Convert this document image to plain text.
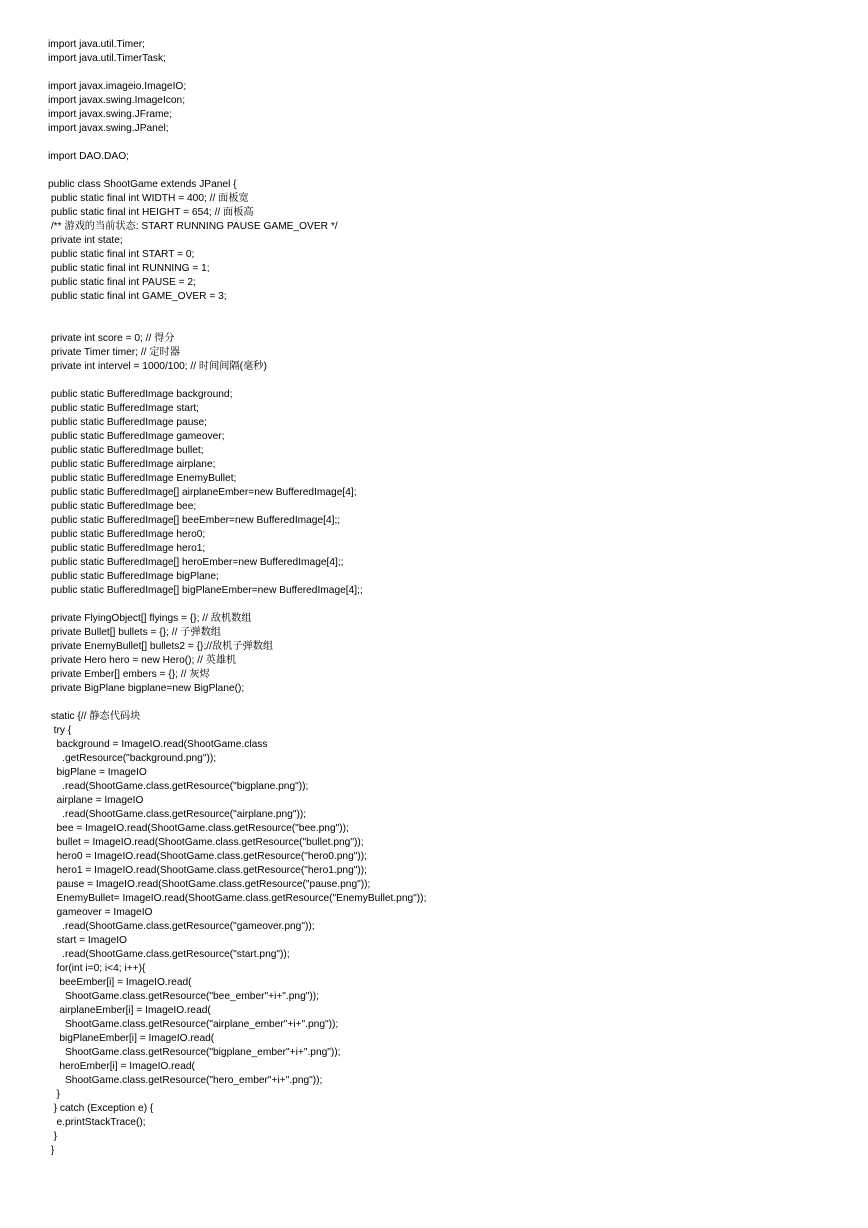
import java.util.Timer;
import java.util.TimerTask;
import javax.imageio.ImageIO;
import javax.swing.ImageIcon;
import javax.swing.JFrame;
import javax.swing.JPanel;
import DAO.DAO;
public class ShootGame extends JPanel {
public static final int WIDTH = 400; // 面板宽
public static final int HEIGHT = 654; // 面板高
/** 游戏的当前状态: START RUNNING PAUSE GAME_OVER */
private int state;
public static final int START = 0;
public static final int RUNNING = 1;
public static final int PAUSE = 2;
public static final int GAME_OVER = 3;
private int score = 0; // 得分
private Timer timer; // 定时器
private int intervel = 1000/100; // 时间间隔(毫秒)
public static BufferedImage background;
public static BufferedImage start;
public static BufferedImage pause;
public static BufferedImage gameover;
public static BufferedImage bullet;
public static BufferedImage airplane;
public static BufferedImage EnemyBullet;
public static BufferedImage[] airplaneEmber=new BufferedImage[4];
public static BufferedImage bee;
public static BufferedImage[] beeEmber=new BufferedImage[4];;
public static BufferedImage hero0;
public static BufferedImage hero1;
public static BufferedImage[] heroEmber=new BufferedImage[4];;
public static BufferedImage bigPlane;
public static BufferedImage[] bigPlaneEmber=new BufferedImage[4];;
private FlyingObject[] flyings = {}; // 敌机数组
private Bullet[] bullets = {}; // 子弹数组
private EnemyBullet[] bullets2 = {};//敌机子弹数组
private Hero hero = new Hero(); // 英雄机
private Ember[] embers = {}; // 灰烬
private BigPlane bigplane=new BigPlane();
static {// 静态代码块
try {
background = ImageIO.read(ShootGame.class
.getResource("background.png"));
bigPlane = ImageIO
.read(ShootGame.class.getResource("bigplane.png"));
airplane = ImageIO
.read(ShootGame.class.getResource("airplane.png"));
bee = ImageIO.read(ShootGame.class.getResource("bee.png"));
bullet = ImageIO.read(ShootGame.class.getResource("bullet.png"));
hero0 = ImageIO.read(ShootGame.class.getResource("hero0.png"));
hero1 = ImageIO.read(ShootGame.class.getResource("hero1.png"));
pause = ImageIO.read(ShootGame.class.getResource("pause.png"));
EnemyBullet= ImageIO.read(ShootGame.class.getResource("EnemyBullet.png"));
gameover = ImageIO
.read(ShootGame.class.getResource("gameover.png"));
start = ImageIO
.read(ShootGame.class.getResource("start.png"));
for(int i=0; i<4; i++){
beeEmber[i] = ImageIO.read(
ShootGame.class.getResource("bee_ember"+i+".png"));
airplaneEmber[i] = ImageIO.read(
ShootGame.class.getResource("airplane_ember"+i+".png"));
bigPlaneEmber[i] = ImageIO.read(
ShootGame.class.getResource("bigplane_ember"+i+".png"));
heroEmber[i] = ImageIO.read(
ShootGame.class.getResource("hero_ember"+i+".png"));
}
} catch (Exception e) {
e.printStackTrace();
}
}
